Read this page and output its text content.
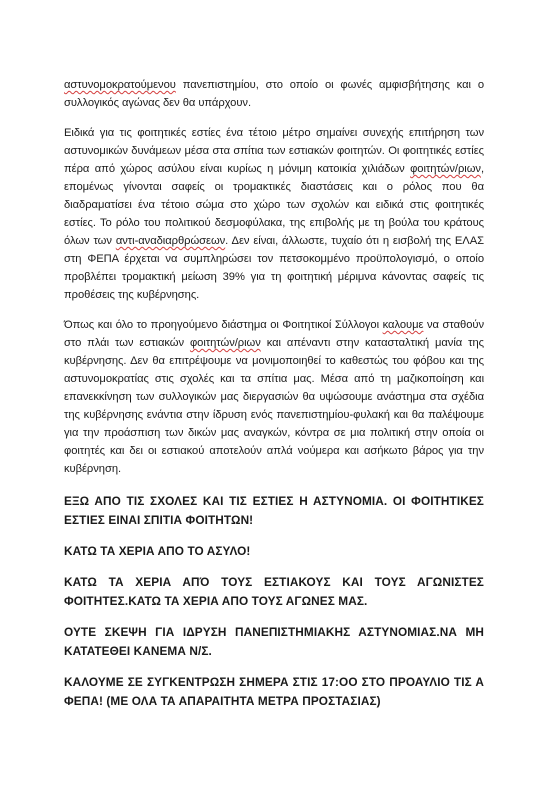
αστυνομοκρατούμενου πανεπιστημίου, στο οποίο οι φωνές αμφισβήτησης και ο συλλογικός αγώνας δεν θα υπάρχουν.

Ειδικά για τις φοιτητικές εστίες ένα τέτοιο μέτρο σημαίνει συνεχής επιτήρηση των αστυνομικών δυνάμεων μέσα στα σπίτια των εστιακών φοιτητών. Οι φοιτητικές εστίες πέρα από χώρος ασύλου είναι κυρίως η μόνιμη κατοικία χιλιάδων φοιτητών/ριων, επομένως γίνονται σαφείς οι τρομακτικές διαστάσεις και ο ρόλος που θα διαδραματίσει ένα τέτοιο σώμα στο χώρο των σχολών και ειδικά στις φοιτητικές εστίες. Το ρόλο του πολιτικού δεσμοφύλακα, της επιβολής με τη βούλα του κράτους όλων των αντι-αναδιαρθρώσεων. Δεν είναι, άλλωστε, τυχαίο ότι η εισβολή της ΕΛΑΣ στη ΦΕΠΑ έρχεται να συμπληρώσει τον πετσοκομμένο προϋπολογισμό, ο οποίο προβλέπει τρομακτική μείωση 39% για τη φοιτητική μέριμνα κάνοντας σαφείς τις προθέσεις της κυβέρνησης.

Όπως και όλο το προηγούμενο διάστημα οι Φοιτητικοί Σύλλογοι καλουμε να σταθούν στο πλάι των εστιακών φοιτητών/ριων και απέναντι στην κατασταλτική μανία της κυβέρνησης. Δεν θα επιτρέψουμε να μονιμοποιηθεί το καθεστώς του φόβου και της αστυνομοκρατίας στις σχολές και τα σπίτια μας. Μέσα από τη μαζικοποίηση και επανεκκίνηση των συλλογικών μας διεργασιών θα υψώσουμε ανάστημα στα σχέδια της κυβέρνησης ενάντια στην ίδρυση ενός πανεπιστημίου-φυλακή και θα παλέψουμε για την προάσπιση των δικών μας αναγκών, κόντρα σε μια πολιτική στην οποία οι φοιτητές και δει οι εστιακού αποτελούν απλά νούμερα και ασήκωτο βάρος για την κυβέρνηση.

ΕΞΩ ΑΠΟ ΤΙΣ ΣΧΟΛΕΣ ΚΑΙ ΤΙΣ ΕΣΤΙΕΣ Η ΑΣΤΥΝΟΜΙΑ. ΟΙ ΦΟΙΤΗΤΙΚΕΣ ΕΣΤΙΕΣ ΕΙΝΑΙ ΣΠΙΤΙΑ ΦΟΙΤΗΤΩΝ!

ΚΑΤΩ ΤΑ ΧΕΡΙΑ ΑΠΟ ΤΟ ΑΣΥΛΟ!

ΚΑΤΩ ΤΑ ΧΕΡΙΑ ΑΠΌ ΤΟΥΣ ΕΣΤΙΑΚΟΥΣ ΚΑΙ ΤΟΥΣ ΑΓΩΝΙΣΤΕΣ ΦΟΙΤΗΤΕΣ.ΚΑΤΩ ΤΑ ΧΕΡΙΑ ΑΠΟ ΤΟΥΣ ΑΓΩΝΕΣ ΜΑΣ.

ΟΥΤΕ ΣΚΕΨΗ ΓΙΑ ΙΔΡΥΣΗ ΠΑΝΕΠΙΣΤΗΜΙΑΚΗΣ ΑΣΤΥΝΟΜΙΑΣ.ΝΑ ΜΗ ΚΑΤΑΤΕΘΕΙ ΚΑΝΕΜΑ Ν/Σ.

ΚΑΛΟΥΜΕ ΣΕ ΣΥΓΚΕΝΤΡΩΣΗ ΣΗΜΕΡΑ ΣΤΙΣ 17:ΟΟ ΣΤΟ ΠΡΟΑΥΛΙΟ ΤΙΣ Α ΦΕΠΑ! (ΜΕ ΟΛΑ ΤΑ ΑΠΑΡΑΙΤΗΤΑ ΜΕΤΡΑ ΠΡΟΣΤΑΣΙΑΣ)
